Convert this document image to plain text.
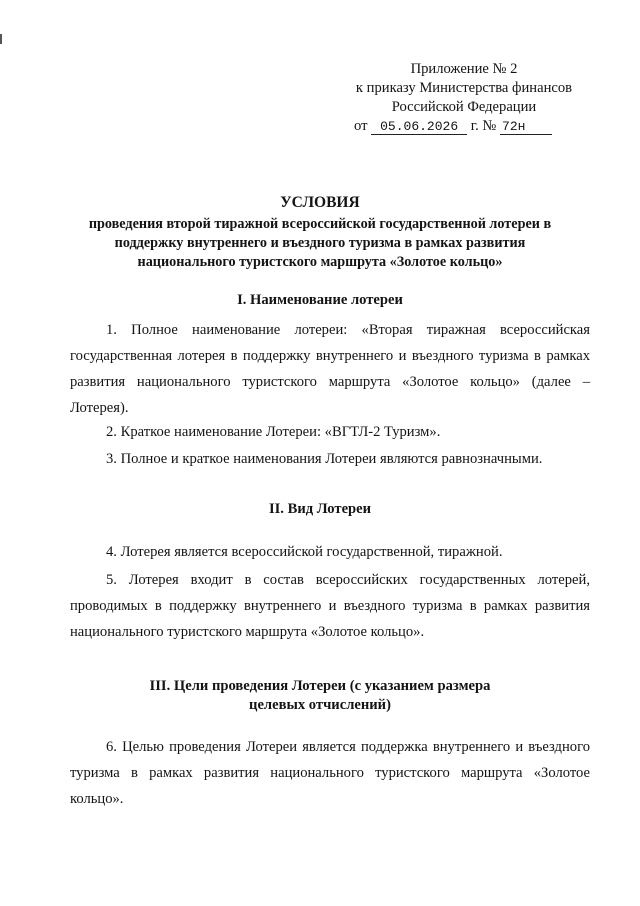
Приложение № 2
к приказу Министерства финансов
Российской Федерации
от 05.06.2026 г. № 72н
УСЛОВИЯ
проведения второй тиражной всероссийской государственной лотереи в
поддержку внутреннего и въездного туризма в рамках развития
национального туристского маршрута «Золотое кольцо»
I. Наименование лотереи
1. Полное наименование лотереи: «Вторая тиражная всероссийская государственная лотерея в поддержку внутреннего и въездного туризма в рамках развития национального туристского маршрута «Золотое кольцо» (далее – Лотерея).
2. Краткое наименование Лотереи: «ВГТЛ-2 Туризм».
3. Полное и краткое наименования Лотереи являются равнозначными.
II. Вид Лотереи
4. Лотерея является всероссийской государственной, тиражной.
5. Лотерея входит в состав всероссийских государственных лотерей, проводимых в поддержку внутреннего и въездного туризма в рамках развития национального туристского маршрута «Золотое кольцо».
III. Цели проведения Лотереи (с указанием размера
целевых отчислений)
6. Целью проведения Лотереи является поддержка внутреннего и въездного туризма в рамках развития национального туристского маршрута «Золотое кольцо».
